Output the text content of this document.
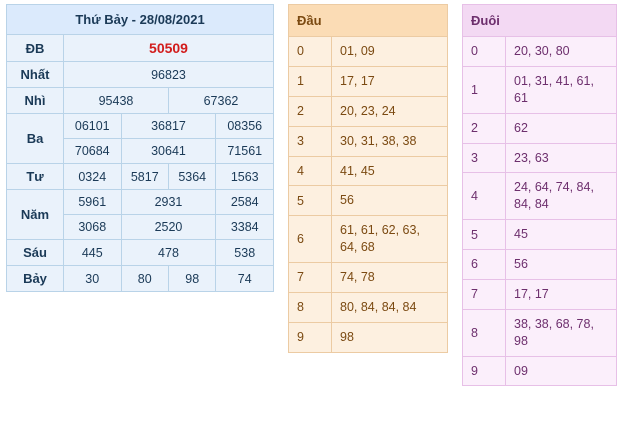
Thứ Bảy - 28/08/2021				
ĐB	50509			
Nhất	96823			
Nhì	95438		67362	
Ba	06101	36817		08356
	70684	30641		71561
Tư	0324	5817	5364	1563
Năm	5961	2931		2584
	3068	2520		3384
Sáu	445	478		538
Bảy	30	80	98	74
Đầu	
0	01, 09
1	17, 17
2	20, 23, 24
3	30, 31, 38, 38
4	41, 45
5	56
6	61, 61, 62, 63, 64, 68
7	74, 78
8	80, 84, 84, 84
9	98
Đuôi	
0	20, 30, 80
1	01, 31, 41, 61, 61
2	62
3	23, 63
4	24, 64, 74, 84, 84, 84
5	45
6	56
7	17, 17
8	38, 38, 68, 78, 98
9	09
